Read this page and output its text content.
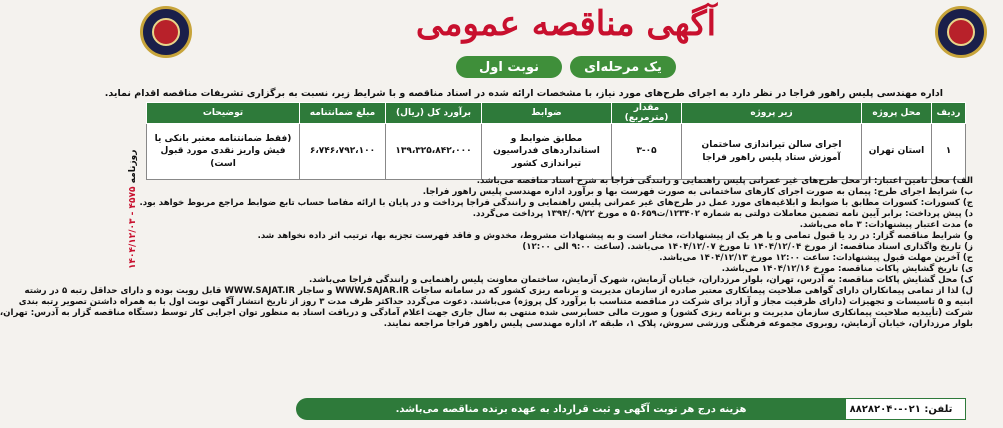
آگهی مناقصه عمومی
یک مرحله‌ای
نوبت اول
اداره مهندسی پلیس راهور فراجا در نظر دارد به اجرای طرح‌های مورد نیاز، با مشخصات ارائه شده در اسناد مناقصه و با شرایط زیر، نسبت به برگزاری تشریفات مناقصه اقدام نماید.
ردیف	محل پروژه	زیر پروژه	مقدار (مترمربع)	ضوابط	برآورد کل (ریال)	مبلغ ضمانتنامه	توضیحات
۱	استان تهران	اجرای سالن تیراندازی ساختمان آموزش ستاد پلیس راهور فراجا	۳-۰۵	مطابق ضوابط و استانداردهای فدراسیون تیراندازی کشور	۱۳۹،۳۲۵،۸۴۲،۰۰۰	۶،۷۴۶،۷۹۲،۱۰۰	(فقط ضمانتنامه معتبر بانکی یا فیش واریز نقدی مورد قبول است)
روزنامه ۴۵۷۵ - ۱۴۰۴/۱۲/۰۳
الف) محل تامین اعتبار: از محل طرح‌های غیر عمرانی پلیس راهنمایی و رانندگی فراجا به شرح اسناد مناقصه می‌باشد.
ب) شرایط اجرای طرح: پیمان به صورت اجرای کارهای ساختمانی به صورت فهرست بها و برآورد اداره مهندسی پلیس راهور فراجا.
ج) کسورات: کسورات مطابق با ضوابط و ابلاغیه‌های مورد عمل در طرح‌های غیر عمرانی پلیس راهنمایی و رانندگی فراجا پرداخت و در پایان با ارائه مفاصا حساب تابع ضوابط مراجع مربوط خواهد بود.
د) پیش پرداخت: برابر آیین نامه تضمین معاملات دولتی به شماره ۱۲۳۴۰۲/ت۵۰۶۵۹ ه مورخ ۱۳۹۴/۰۹/۲۲ پرداخت می‌گردد.
ه) مدت اعتبار پیشنهادات: ۳ ماه می‌باشد.
و) شرایط مناقصه گزار: در رد یا قبول تمامی و یا هر یک از پیشنهادات، مختار است و به پیشنهادات مشروط، مخدوش و فاقد فهرست تجزیه بها، ترتیب اثر داده نخواهد شد.
ز) تاریخ واگذاری اسناد مناقصه: از مورخ ۱۴۰۴/۱۲/۰۴ تا مورخ ۱۴۰۴/۱۲/۰۷ می‌باشد. (ساعت ۹:۰۰ الی ۱۲:۰۰)
ح) آخرین مهلت قبول پیشنهادات: ساعت ۱۲:۰۰ مورخ ۱۴۰۴/۱۲/۱۳ می‌باشد.
ی) تاریخ گشایش پاکات مناقصه: مورخ ۱۴۰۴/۱۲/۱۶ می‌باشد.
ک) محل گشایش پاکات مناقصه: به آدرس، تهران، بلوار مرزداران، خیابان آزمایش، شهرک آزمایش، ساختمان معاونت پلیس راهنمایی و رانندگی فراجا می‌باشد.
ل) لذا از تمامی پیمانکاران دارای گواهی صلاحیت پیمانکاری معتبر صادره از سازمان مدیریت و برنامه ریزی کشور که در سامانه ساجات WWW.SAJAR.IR و ساجار WWW.SAJAT.IR قابل رویت بوده و دارای حداقل رتبه ۵ در رشته
ابنیه و ۵ تاسیسات و تجهیزات (دارای ظرفیت مجاز و آزاد برای شرکت در مناقصه متناسب با برآورد کل پروژه) می‌باشند. دعوت می‌گردد حداکثر ظرف مدت ۳ روز از تاریخ انتشار آگهی نوبت اول با به همراه داشتن تصویر رتبه بندی
شرکت (تأییدیه صلاحیت پیمانکاری سازمان مدیریت و برنامه ریزی کشور) و صورت مالی حسابرسی شده منتهی به سال جاری جهت اعلام آمادگی و دریافت اسناد به منظور توان اجرایی کار توسط دستگاه مناقصه گزار به آدرس: تهران،
بلوار مرزداران، خیابان آزمایش، روبروی مجموعه فرهنگی ورزشی سروش، پلاک ۱، طبقه ۲، اداره مهندسی پلیس راهور فراجا مراجعه نمایند.
هزینه درج هر نوبت آگهی و ثبت قرارداد به عهده برنده مناقصه می‌باشد.	تلفن: ۰۲۱-۸۸۲۸۲۰۴۰
